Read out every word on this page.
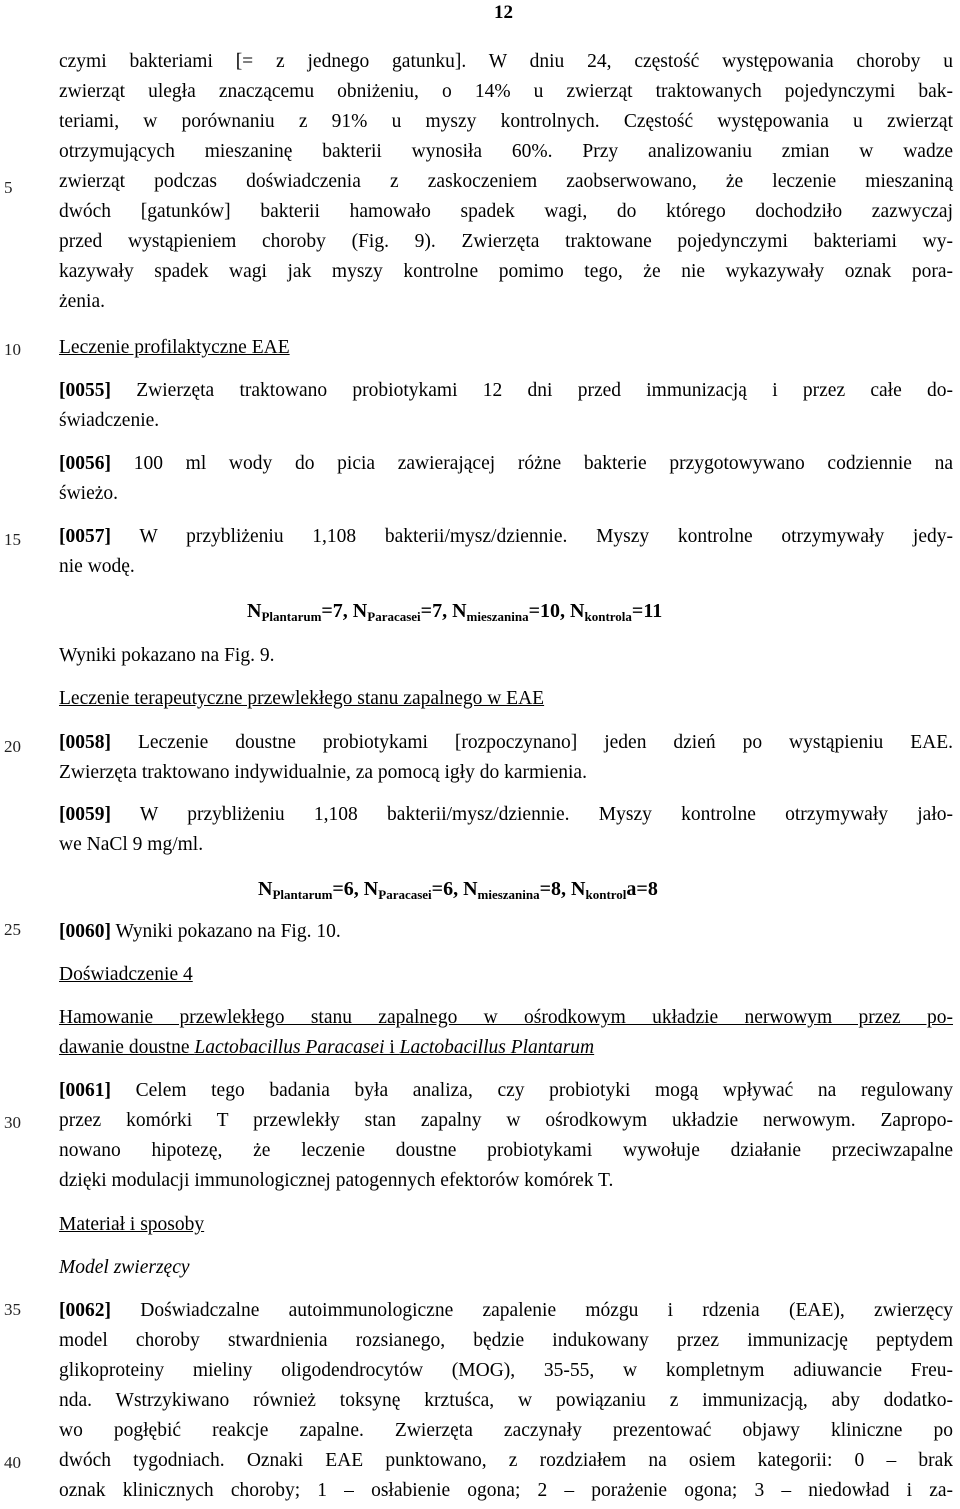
12
5
10
15
20
25
30
35
40
czymi bakteriami [= z jednego gatunku]. W dniu 24, częstość występowania choroby u
zwierząt uległa znaczącemu obniżeniu, o 14% u zwierząt traktowanych pojedynczymi bak-
teriami, w porównaniu z 91% u myszy kontrolnych. Częstość występowania u zwierząt
otrzymujących mieszaninę bakterii wynosiła 60%. Przy analizowaniu zmian w wadze
zwierząt podczas doświadczenia z zaskoczeniem zaobserwowano, że leczenie mieszaniną
dwóch [gatunków] bakterii hamowało spadek wagi, do którego dochodziło zazwyczaj
przed wystąpieniem choroby (Fig. 9). Zwierzęta traktowane pojedynczymi bakteriami wy-
kazywały spadek wagi jak myszy kontrolne pomimo tego, że nie wykazywały oznak pora-
żenia.
Leczenie profilaktyczne EAE
[0055] Zwierzęta traktowano probiotykami 12 dni przed immunizacją i przez całe do-
świadczenie.
[0056] 100 ml wody do picia zawierającej różne bakterie przygotowywano codziennie na
świeżo.
[0057] W przybliżeniu 1,108 bakterii/mysz/dziennie. Myszy kontrolne otrzymywały jedy-
nie wodę.
$N_{Plantarum}=7$, $N_{Paracasei}=7$, $N_{mieszanina}=10$, $N_{kontrola}=11$
Wyniki pokazano na Fig. 9.
Leczenie terapeutyczne przewlekłego stanu zapalnego w EAE
[0058] Leczenie doustne probiotykami [rozpoczynano] jeden dzień po wystąpieniu EAE.
Zwierzęta traktowano indywidualnie, za pomocą igły do karmienia.
[0059] W przybliżeniu 1,108 bakterii/mysz/dziennie. Myszy kontrolne otrzymywały jało-
we NaCl 9 mg/ml.
$N_{Plantarum}=6$, $N_{Paracasei}=6$, $N_{mieszanina}=8$, $N_{kontrol}a=8$
[0060] Wyniki pokazano na Fig. 10.
Doświadczenie 4
Hamowanie przewlekłego stanu zapalnego w ośrodkowym układzie nerwowym przez po-
dawanie doustne Lactobacillus Paracasei i Lactobacillus Plantarum
[0061] Celem tego badania była analiza, czy probiotyki mogą wpływać na regulowany
przez komórki T przewlekły stan zapalny w ośrodkowym układzie nerwowym. Zapropo-
nowano hipotezę, że leczenie doustne probiotykami wywołuje działanie przeciwzapalne
dzięki modulacji immunologicznej patogennych efektorów komórek T.
Materiał i sposoby
Model zwierzęcy
[0062] Doświadczalne autoimmunologiczne zapalenie mózgu i rdzenia (EAE), zwierzęcy
model choroby stwardnienia rozsianego, będzie indukowany przez immunizację peptydem
glikoproteiny mieliny oligodendrocytów (MOG), 35-55, w kompletnym adiuwancie Freu-
nda. Wstrzykiwano również toksynę krztuśca, w powiązaniu z immunizacją, aby dodatko-
wo pogłębić reakcje zapalne. Zwierzęta zaczynały prezentować objawy kliniczne po
dwóch tygodniach. Oznaki EAE punktowano, z rozdziałem na osiem kategorii: 0 – brak
oznak klinicznych choroby; 1 – osłabienie ogona; 2 – porażenie ogona; 3 – niedowład i za-
